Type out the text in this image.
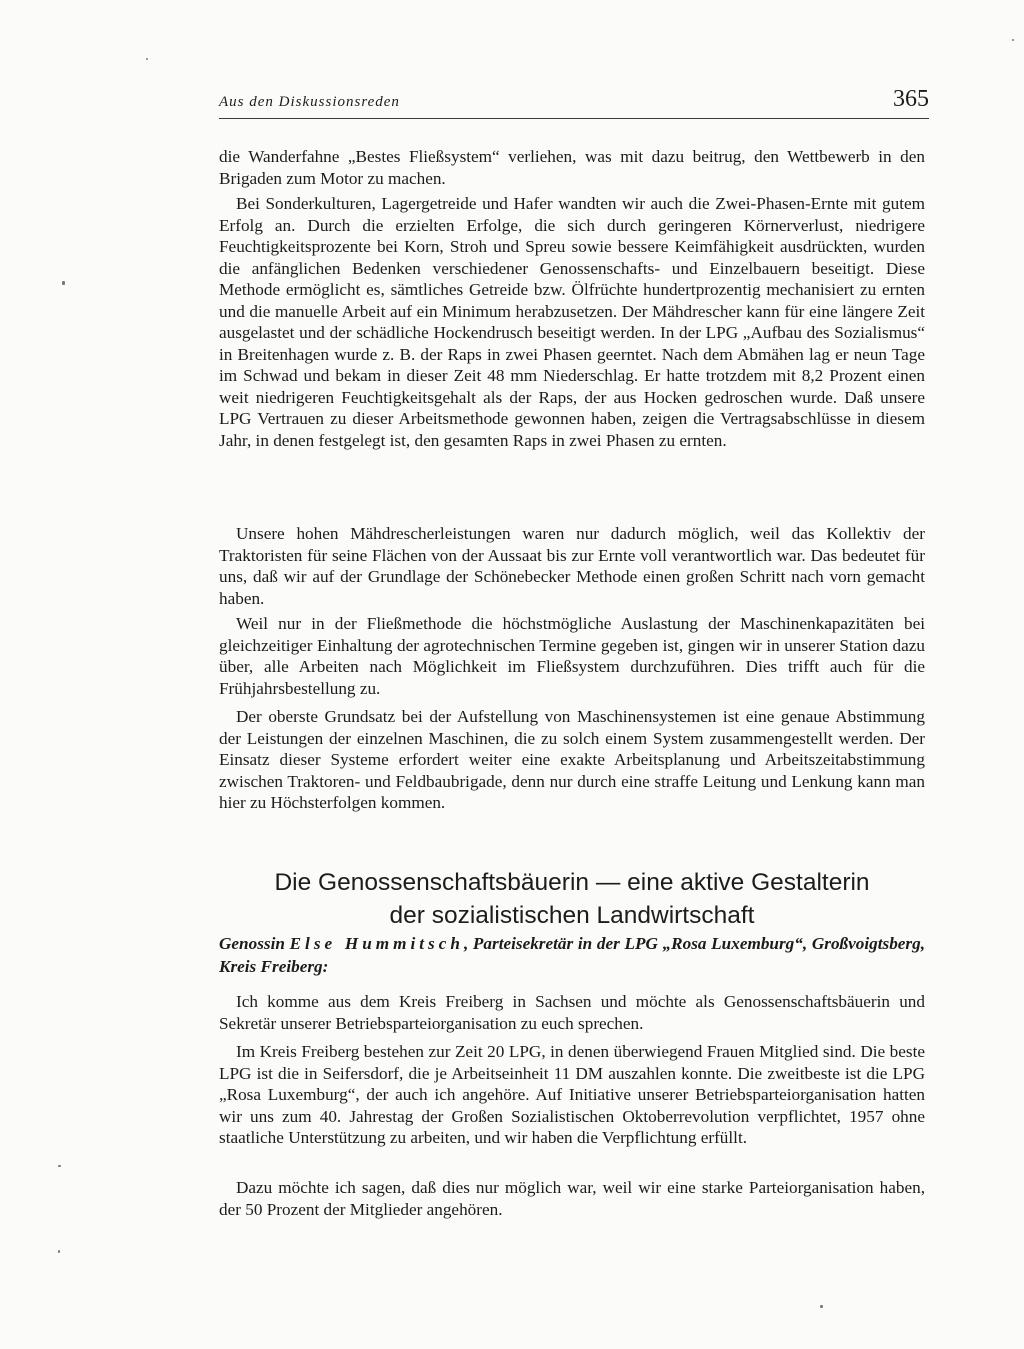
Aus den Diskussionsreden	365

die Wanderfahne „Bestes Fließsystem“ verliehen, was mit dazu beitrug, den Wettbewerb in den Brigaden zum Motor zu machen.

Bei Sonderkulturen, Lagergetreide und Hafer wandten wir auch die Zwei-Phasen-Ernte mit gutem Erfolg an. Durch die erzielten Erfolge, die sich durch geringeren Körnerverlust, niedrigere Feuchtigkeitsprozente bei Korn, Stroh und Spreu sowie bessere Keimfähigkeit ausdrückten, wurden die anfänglichen Bedenken verschiedener Genossenschafts- und Einzelbauern beseitigt. Diese Methode ermöglicht es, sämtliches Getreide bzw. Ölfrüchte hundertprozentig mechanisiert zu ernten und die manuelle Arbeit auf ein Minimum herabzusetzen. Der Mähdrescher kann für eine längere Zeit ausgelastet und der schädliche Hockendrusch beseitigt werden. In der LPG „Aufbau des Sozialismus“ in Breitenhagen wurde z. B. der Raps in zwei Phasen geerntet. Nach dem Abmähen lag er neun Tage im Schwad und bekam in dieser Zeit 48 mm Niederschlag. Er hatte trotzdem mit 8,2 Prozent einen weit niedrigeren Feuchtigkeitsgehalt als der Raps, der aus Hocken gedroschen wurde. Daß unsere LPG Vertrauen zu dieser Arbeitsmethode gewonnen haben, zeigen die Vertragsabschlüsse in diesem Jahr, in denen festgelegt ist, den gesamten Raps in zwei Phasen zu ernten.

Unsere hohen Mähdrescherleistungen waren nur dadurch möglich, weil das Kollektiv der Traktoristen für seine Flächen von der Aussaat bis zur Ernte voll verantwortlich war. Das bedeutet für uns, daß wir auf der Grundlage der Schönebecker Methode einen großen Schritt nach vorn gemacht haben.

Weil nur in der Fließmethode die höchstmögliche Auslastung der Maschinenkapazitäten bei gleichzeitiger Einhaltung der agrotechnischen Termine gegeben ist, gingen wir in unserer Station dazu über, alle Arbeiten nach Möglichkeit im Fließsystem durchzuführen. Dies trifft auch für die Frühjahrsbestellung zu.

Der oberste Grundsatz bei der Aufstellung von Maschinensystemen ist eine genaue Abstimmung der Leistungen der einzelnen Maschinen, die zu solch einem System zusammengestellt werden. Der Einsatz dieser Systeme erfordert weiter eine exakte Arbeitsplanung und Arbeitszeitabstimmung zwischen Traktoren- und Feldbaubrigade, denn nur durch eine straffe Leitung und Lenkung kann man hier zu Höchsterfolgen kommen.

Die Genossenschaftsbäuerin — eine aktive Gestalterin
der sozialistischen Landwirtschaft

Genossin Else Hummitsch, Parteisekretär in der LPG „Rosa Luxemburg“, Großvoigtsberg, Kreis Freiberg:

Ich komme aus dem Kreis Freiberg in Sachsen und möchte als Genossenschaftsbäuerin und Sekretär unserer Betriebsparteiorganisation zu euch sprechen.

Im Kreis Freiberg bestehen zur Zeit 20 LPG, in denen überwiegend Frauen Mitglied sind. Die beste LPG ist die in Seifersdorf, die je Arbeitseinheit 11 DM auszahlen konnte. Die zweitbeste ist die LPG „Rosa Luxemburg“, der auch ich angehöre. Auf Initiative unserer Betriebsparteiorganisation hatten wir uns zum 40. Jahrestag der Großen Sozialistischen Oktoberrevolution verpflichtet, 1957 ohne staatliche Unterstützung zu arbeiten, und wir haben die Verpflichtung erfüllt.

Dazu möchte ich sagen, daß dies nur möglich war, weil wir eine starke Parteiorganisation haben, der 50 Prozent der Mitglieder angehören.
